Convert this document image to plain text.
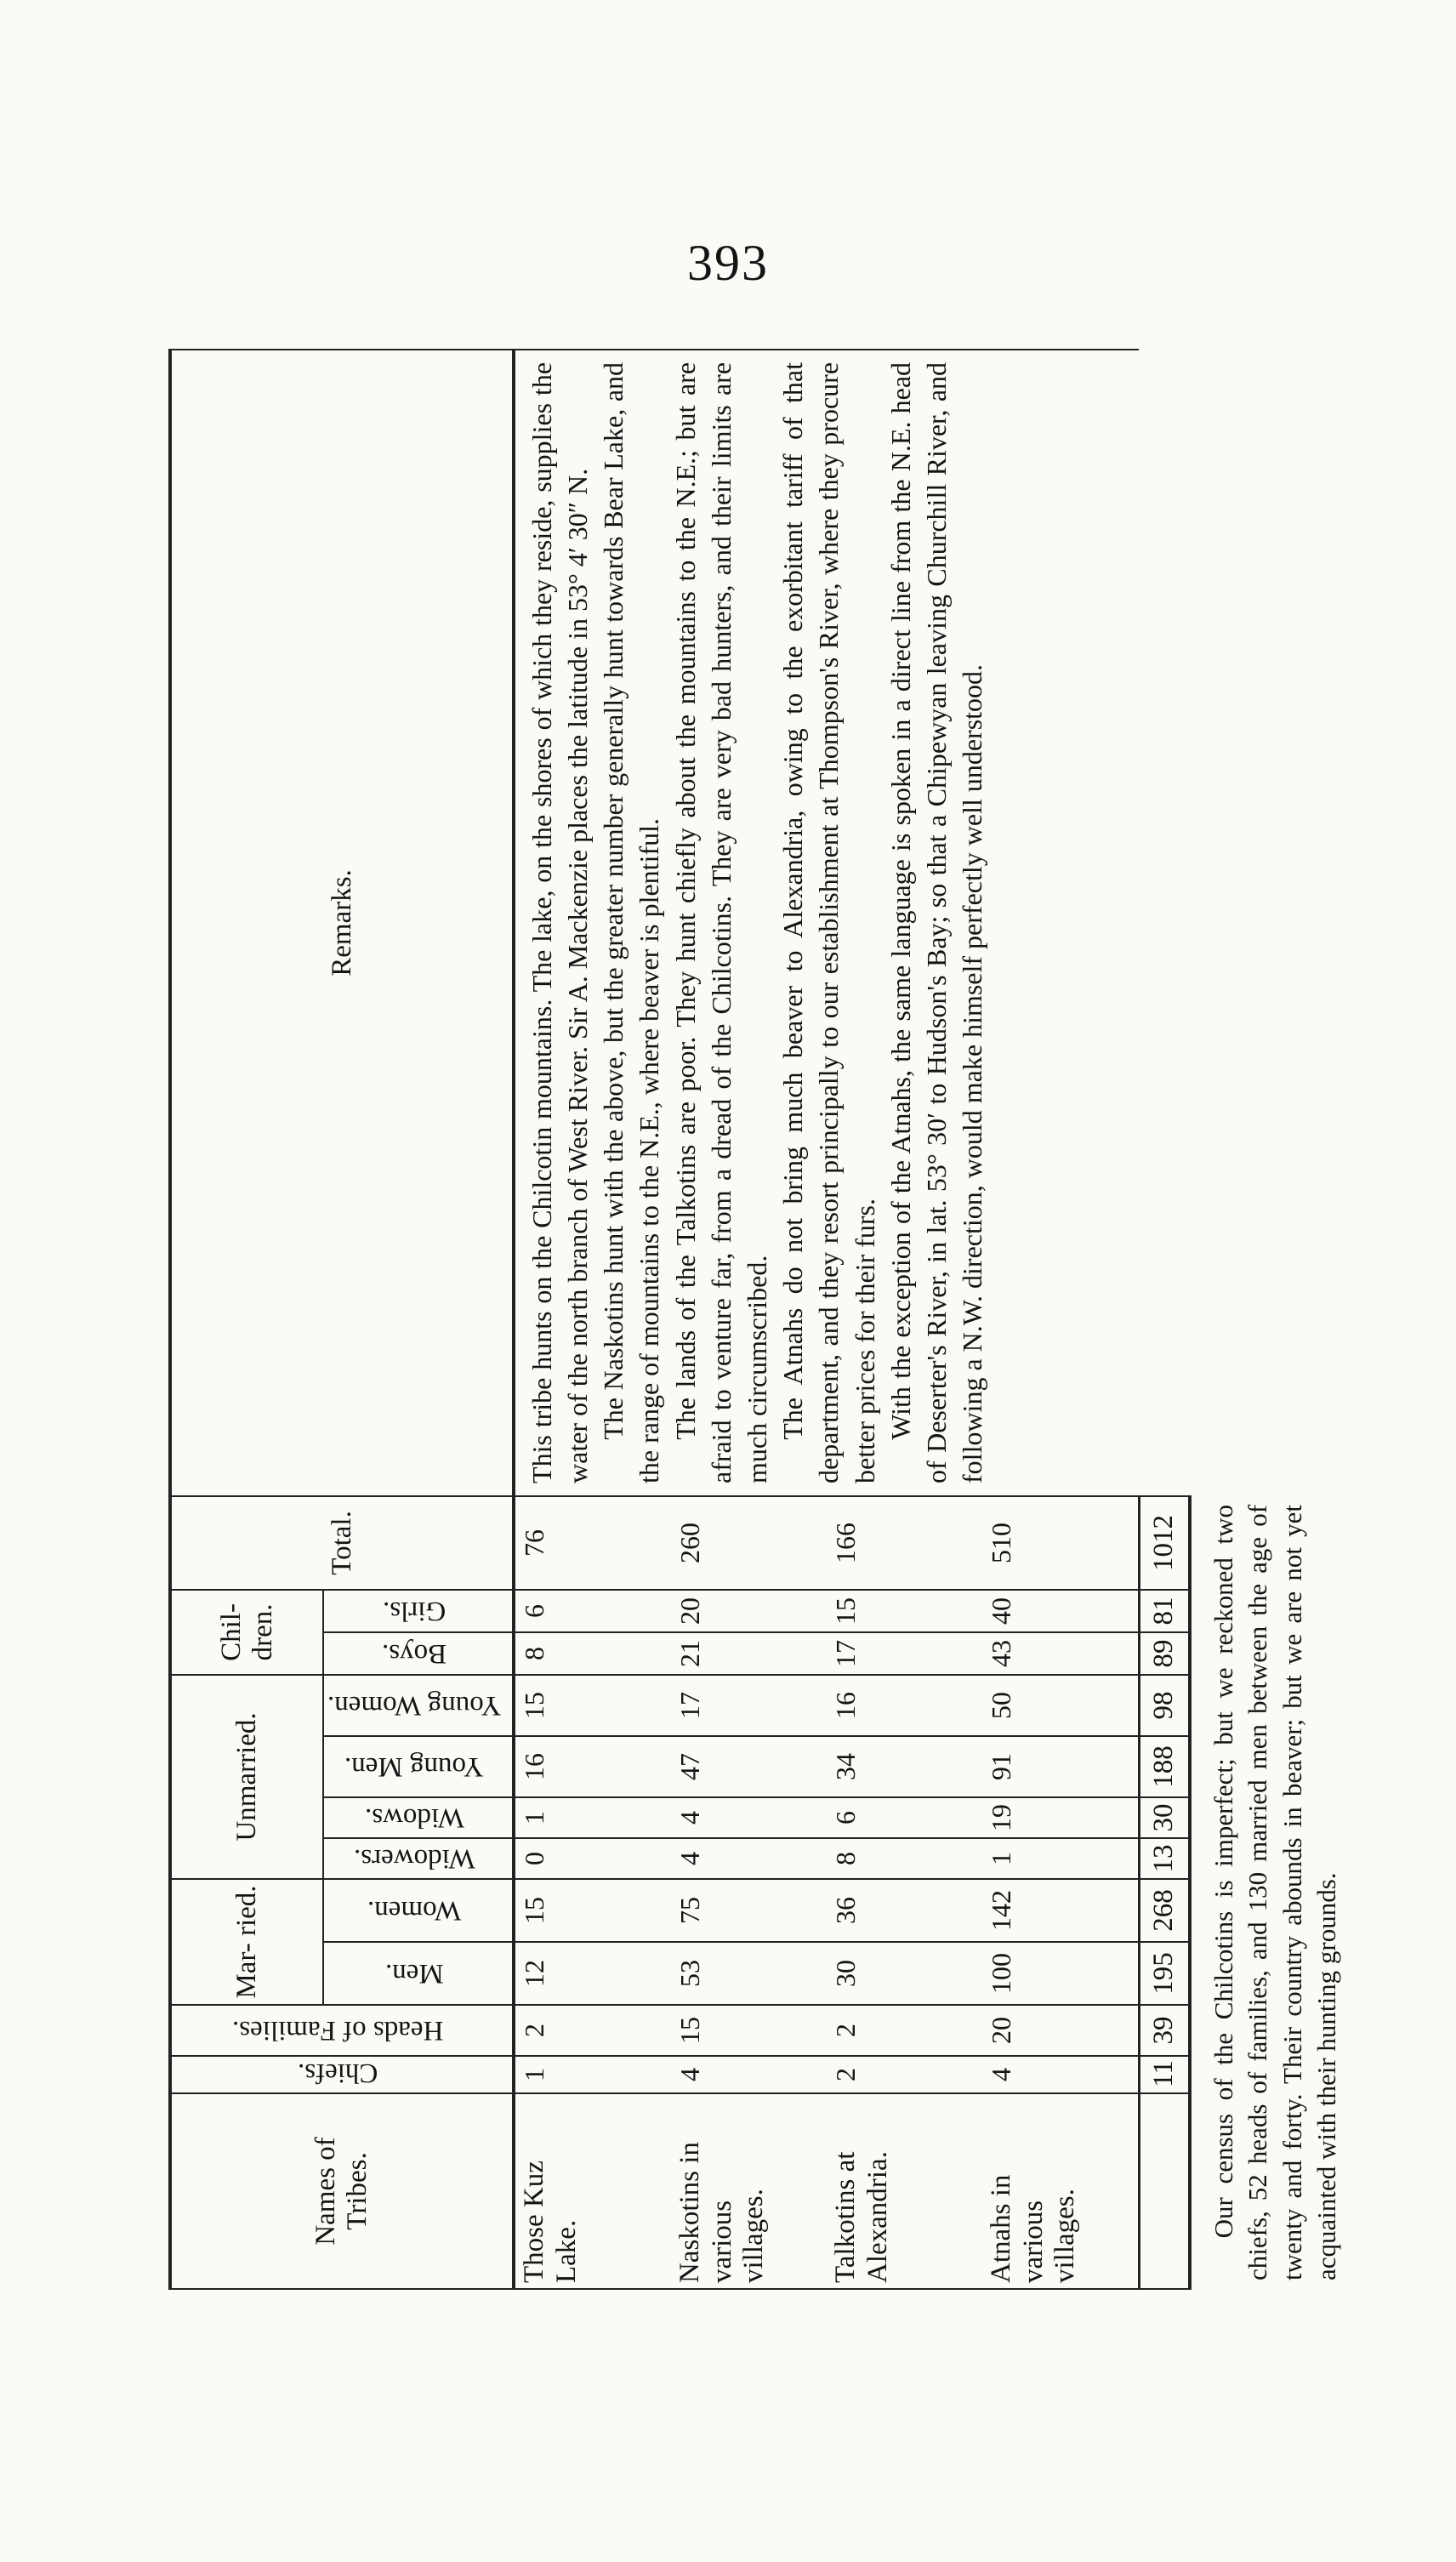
393
Names of Tribes.	Chiefs.	Heads of Families.	Mar- ried.		Unmarried.				Chil- dren.		Total.	Remarks.
			Men.	Women.	Widowers.	Widows.	Young Men.	Young Women.	Boys.	Girls.		
Those Kuz Lake.	1	2	12	15	0	1	16	15	8	6	76	This tribe hunts on the Chilcotin mountains. The lake, on the shores of which they reside, supplies the water of the north branch of West River. Sir A. Mackenzie places the latitude in 53° 4′ 30″ N. The Naskotins hunt with the above, but the greater number generally hunt towards Bear Lake, and the range of mountains to the N.E., where beaver is plentiful. The lands of the Talkotins are poor. They hunt chiefly about the mountains to the N.E.; but are afraid to venture far, from a dread of the Chilcotins. They are very bad hunters, and their limits are much circumscribed. The Atnahs do not bring much beaver to Alexandria, owing to the exorbitant tariff of that department, and they resort principally to our establishment at Thompson's River, where they procure better prices for their furs. With the exception of the Atnahs, the same language is spoken in a direct line from the N.E. head of Deserter's River, in lat. 53° 30′ to Hudson's Bay; so that a Chipewyan leaving Churchill River, and following a N.W. direction, would make himself perfectly well understood.

Naskotins in various villages.	4	15	53	75	4	4	47	17	21	20	260	
Talkotins at Alexandria.	2	2	30	36	8	6	34	16	17	15	166	
Atnahs in various villages.	4	20	100	142	1	19	91	50	43	40	510	
	11	39	195	268	13	30	188	98	89	81	1012	
Our census of the Chilcotins is imperfect; but we reckoned two chiefs, 52 heads of families, and 130 married men between the age of twenty and forty. Their country abounds in beaver; but we are not yet acquainted with their hunting grounds.												
